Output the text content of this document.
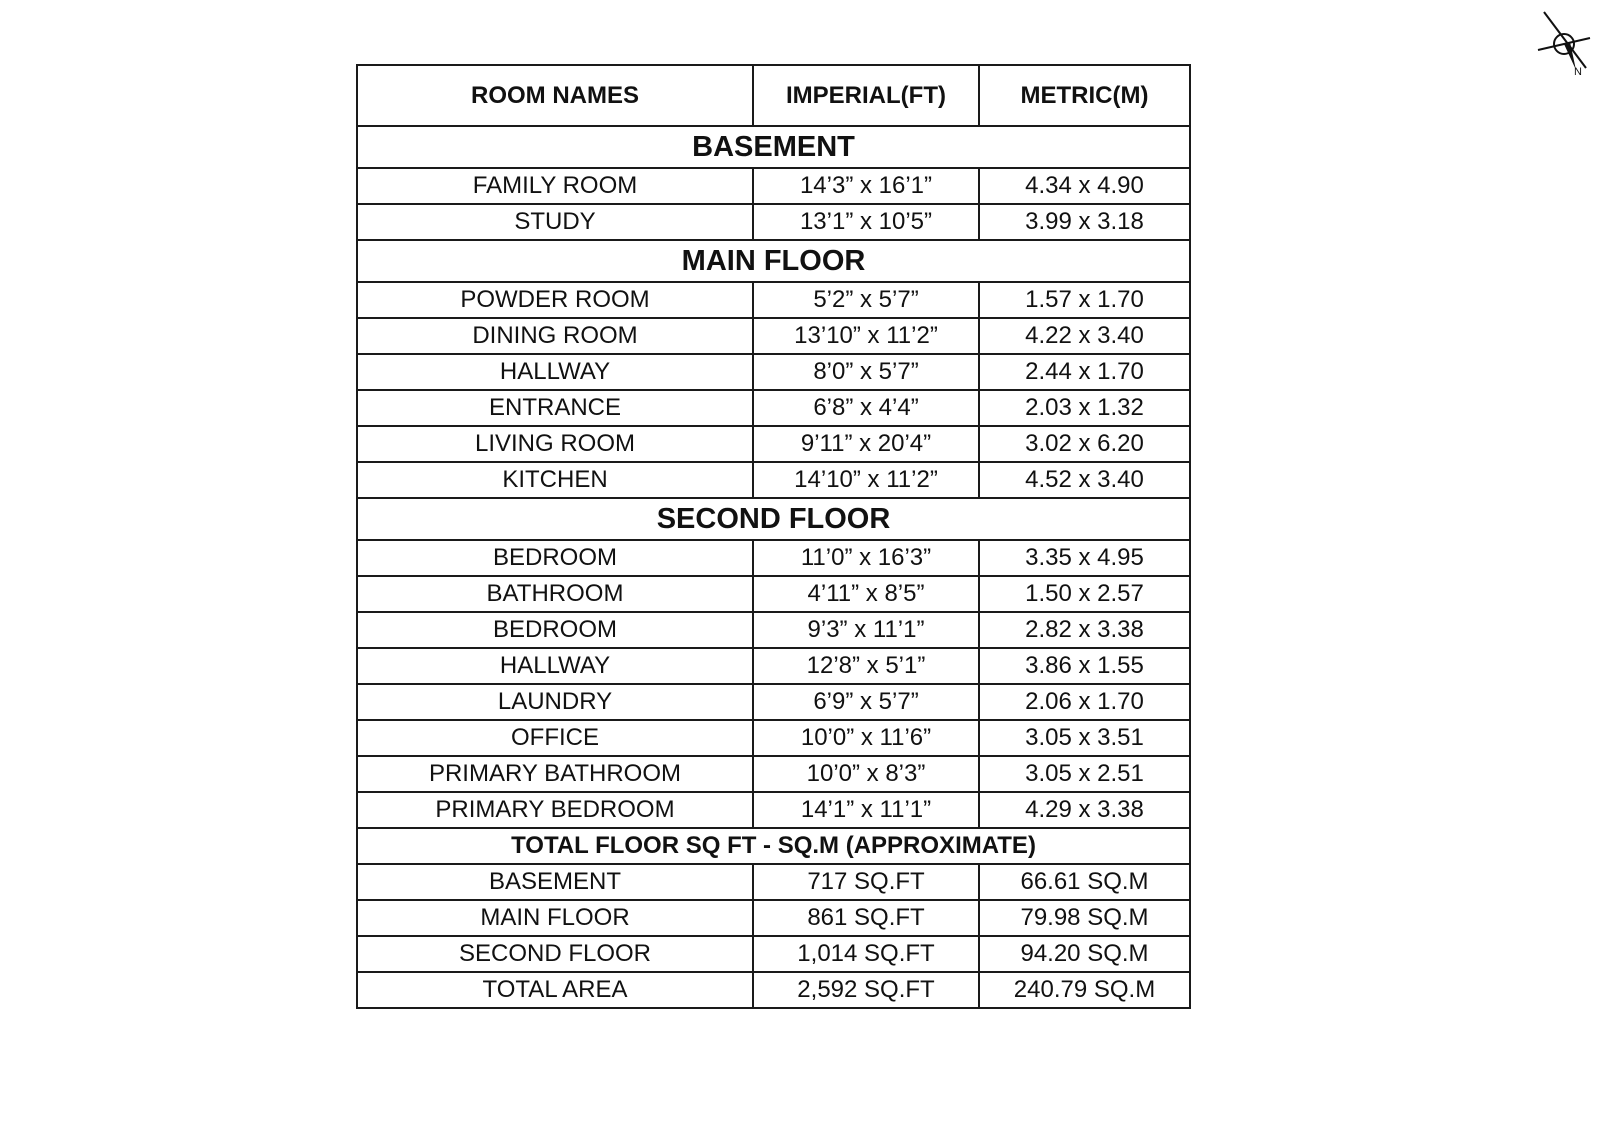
N
ROOM NAMES	IMPERIAL(FT)	METRIC(M)
BASEMENT		
FAMILY ROOM	14’3” x 16’1”	4.34 x 4.90
STUDY	13’1” x 10’5”	3.99 x 3.18
MAIN FLOOR		
POWDER ROOM	5’2” x 5’7”	1.57 x 1.70
DINING ROOM	13’10” x 11’2”	4.22 x 3.40
HALLWAY	8’0” x 5’7”	2.44 x 1.70
ENTRANCE	6’8” x 4’4”	2.03 x 1.32
LIVING ROOM	9’11” x 20’4”	3.02 x 6.20
KITCHEN	14’10” x 11’2”	4.52 x 3.40
SECOND FLOOR		
BEDROOM	11’0” x 16’3”	3.35 x 4.95
BATHROOM	4’11” x 8’5”	1.50 x 2.57
BEDROOM	9’3” x 11’1”	2.82 x 3.38
HALLWAY	12’8” x 5’1”	3.86 x 1.55
LAUNDRY	6’9” x 5’7”	2.06 x 1.70
OFFICE	10’0” x 11’6”	3.05 x 3.51
PRIMARY BATHROOM	10’0” x 8’3”	3.05 x 2.51
PRIMARY BEDROOM	14’1” x 11’1”	4.29 x 3.38
TOTAL FLOOR SQ FT - SQ.M (APPROXIMATE)		
BASEMENT	717 SQ.FT	66.61 SQ.M
MAIN FLOOR	861 SQ.FT	79.98 SQ.M
SECOND FLOOR	1,014 SQ.FT	94.20 SQ.M
TOTAL AREA	2,592 SQ.FT	240.79 SQ.M
